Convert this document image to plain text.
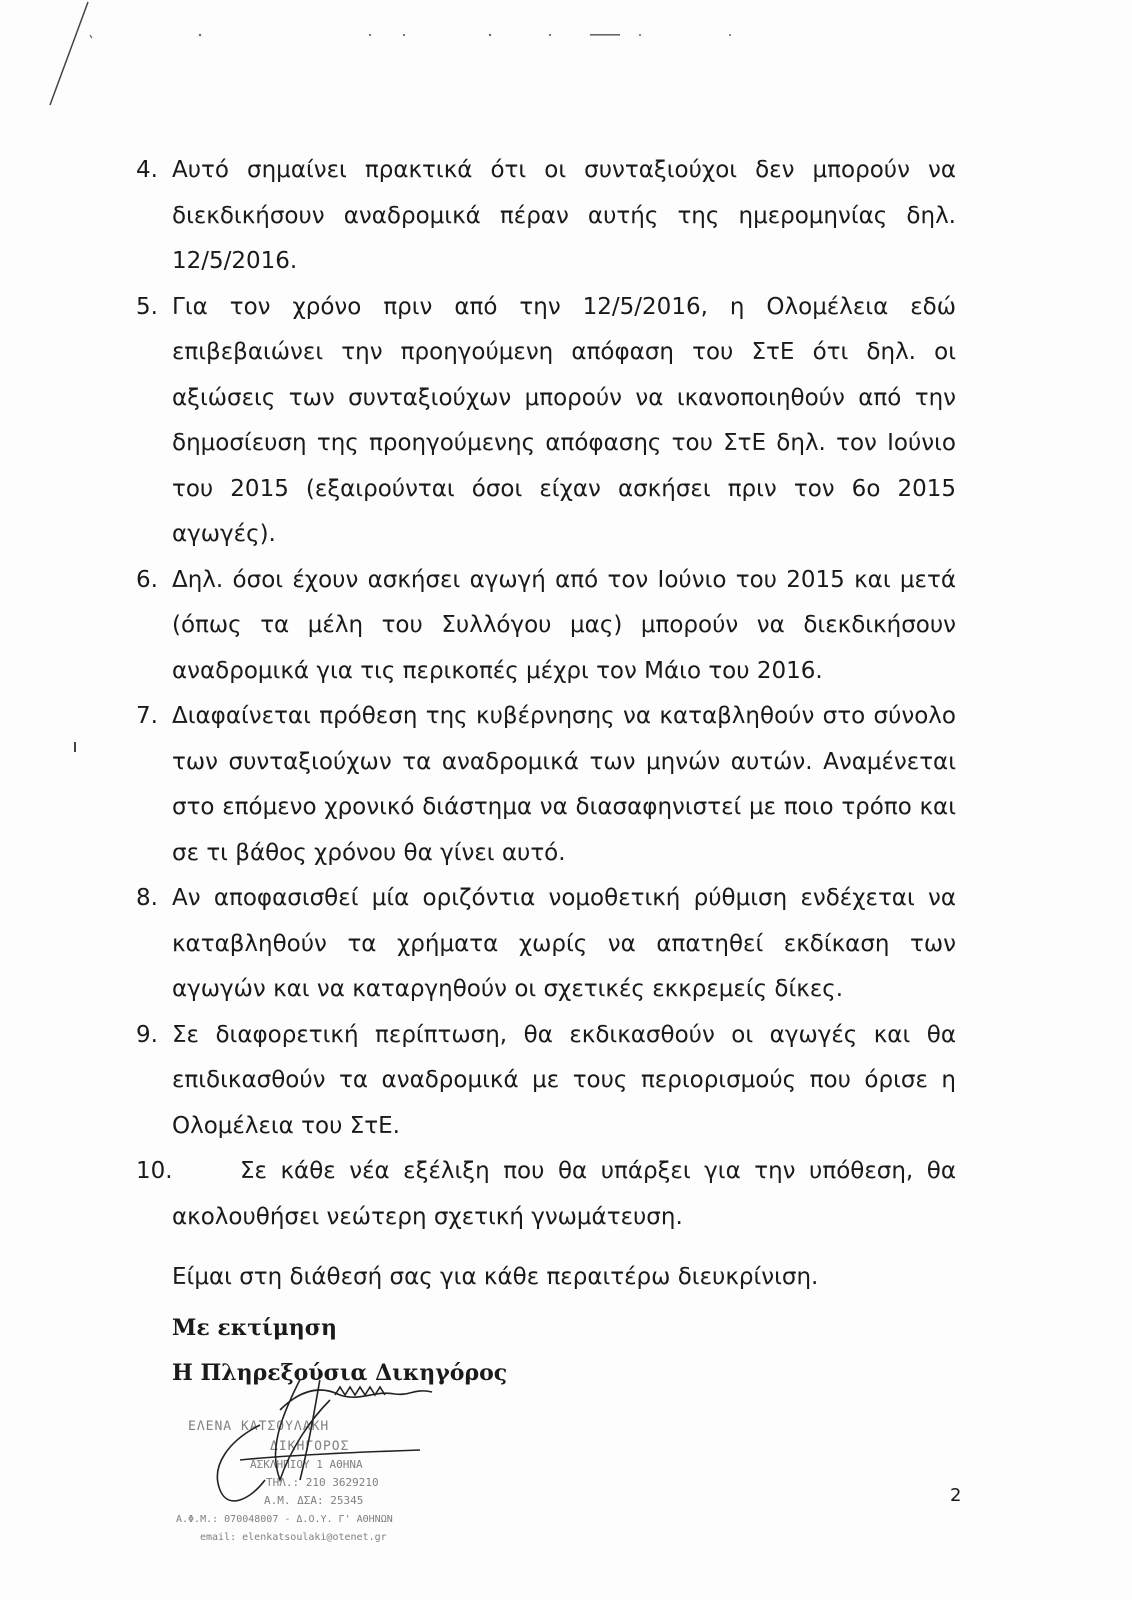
4. Αυτό σημαίνει πρακτικά ότι οι συνταξιούχοι δεν μπορούν να διεκδικήσουν αναδρομικά πέραν αυτής της ημερομηνίας δηλ. 12/5/2016.
5. Για τον χρόνο πριν από την 12/5/2016, η Ολομέλεια εδώ επιβεβαιώνει την προηγούμενη απόφαση του ΣτΕ ότι δηλ. οι αξιώσεις των συνταξιούχων μπορούν να ικανοποιηθούν από την δημοσίευση της προηγούμενης απόφασης του ΣτΕ δηλ. τον Ιούνιο του 2015 (εξαιρούνται όσοι είχαν ασκήσει πριν τον 6ο 2015 αγωγές).
6. Δηλ. όσοι έχουν ασκήσει αγωγή από τον Ιούνιο του 2015 και μετά (όπως τα μέλη του Συλλόγου μας) μπορούν να διεκδικήσουν αναδρομικά για τις περικοπές μέχρι τον Μάιο του 2016.
7. Διαφαίνεται πρόθεση της κυβέρνησης να καταβληθούν στο σύνολο των συνταξιούχων τα αναδρομικά των μηνών αυτών. Αναμένεται στο επόμενο χρονικό διάστημα να διασαφηνιστεί με ποιο τρόπο και σε τι βάθος χρόνου θα γίνει αυτό.
8. Αν αποφασισθεί μία οριζόντια νομοθετική ρύθμιση ενδέχεται να καταβληθούν τα χρήματα χωρίς να απατηθεί εκδίκαση των αγωγών και να καταργηθούν οι σχετικές εκκρεμείς δίκες.
9. Σε διαφορετική περίπτωση, θα εκδικασθούν οι αγωγές και θα επιδικασθούν τα αναδρομικά με τους περιορισμούς που όρισε η Ολομέλεια του ΣτΕ.
10.	Σε κάθε νέα εξέλιξη που θα υπάρξει για την υπόθεση, θα ακολουθήσει νεώτερη σχετική γνωμάτευση.
Είμαι στη διάθεσή σας για κάθε περαιτέρω διευκρίνιση.
Με εκτίμηση
Η Πληρεξούσια Δικηγόρος
ΕΛΕΝΑ ΚΑΤΣΟΥΛΑΚΗ
ΔΙΚΗΓΟΡΟΣ
ΑΣΚΛΗΠΙΟΥ 1 ΑΘΗΝΑ
ΤΗΛ.: 210 3629210
Α.Μ. ΔΣΑ: 25345
Α.Φ.Μ.: 070048007 - Δ.Ο.Υ. Γ' ΑΘΗΝΩΝ
email: elenkatsoulaki@otenet.gr
2
